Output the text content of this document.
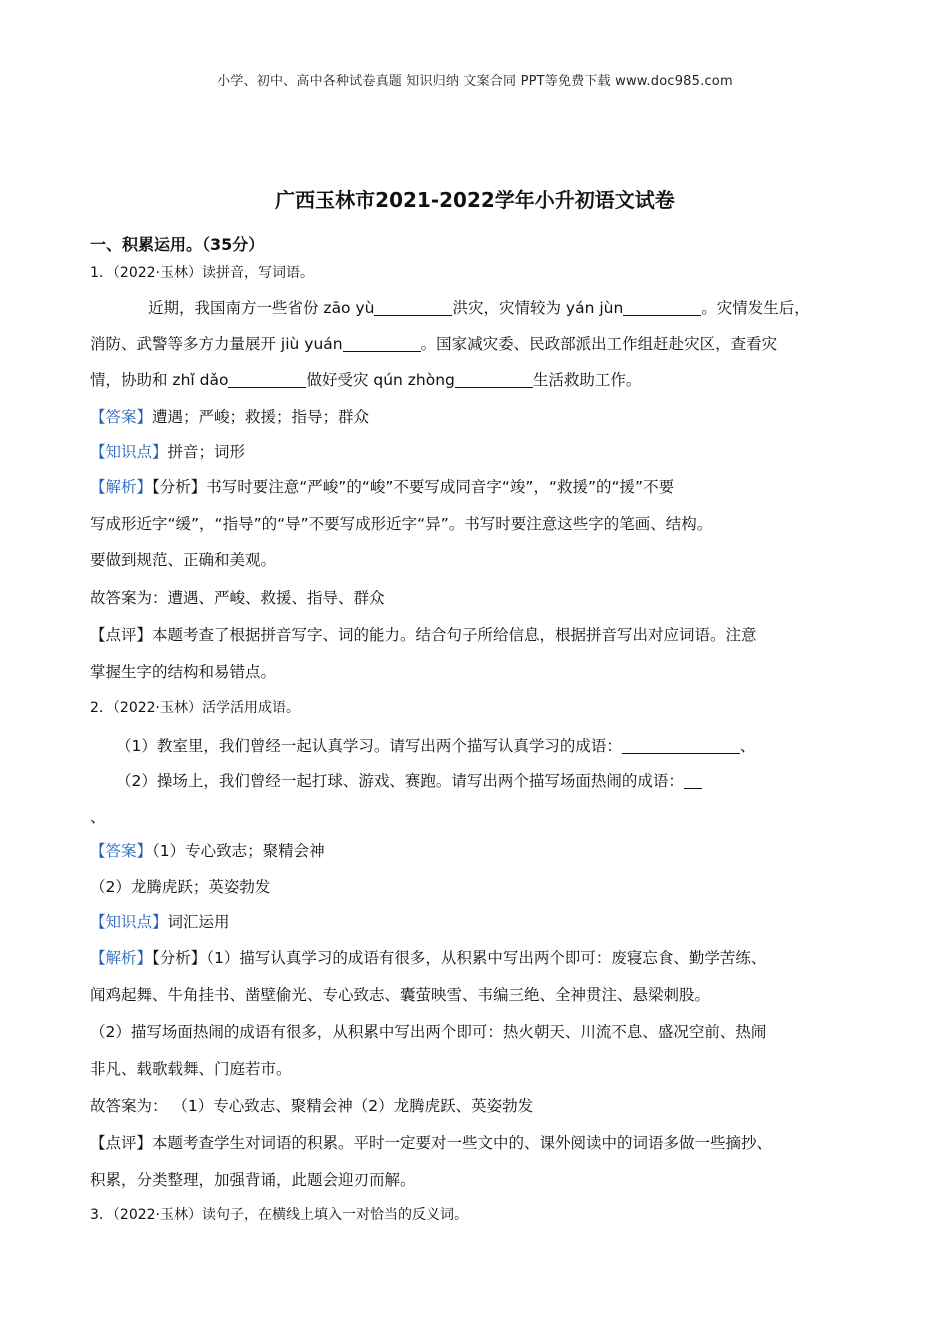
小学、初中、高中各种试卷真题 知识归纳 文案合同 PPT等免费下载 www.doc985.com
广西玉林市2021-2022学年小升初语文试卷
一、积累运用。（35分）
1．（2022·玉林）读拼音，写词语。
近期，我国南方一些省份 zāo yù	洪灾，灾情较为 yán jùn	。灾情发生后，
消防、武警等多方力量展开 jiù yuán	。国家减灾委、民政部派出工作组赶赴灾区，查看灾
情，协助和 zhǐ dǎo	做好受灾 qún zhòng	生活救助工作。
【答案】遭遇；严峻；救援；指导；群众
【知识点】拼音；词形
【解析】【分析】书写时要注意“严峻”的“峻”不要写成同音字“竣”，“救援”的“援”不要
写成形近字“缓”，“指导”的“导”不要写成形近字“异”。书写时要注意这些字的笔画、结构。
要做到规范、正确和美观。
故答案为：遭遇、严峻、救援、指导、群众
【点评】本题考查了根据拼音写字、词的能力。结合句子所给信息，根据拼音写出对应词语。注意
掌握生字的结构和易错点。
2．（2022·玉林）活学活用成语。
（1）教室里，我们曾经一起认真学习。请写出两个描写认真学习的成语：	、
（2）操场上，我们曾经一起打球、游戏、赛跑。请写出两个描写场面热闹的成语：
、
【答案】（1）专心致志；聚精会神
（2）龙腾虎跃；英姿勃发
【知识点】词汇运用
【解析】【分析】（1）描写认真学习的成语有很多，从积累中写出两个即可：废寝忘食、勤学苦练、
闻鸡起舞、牛角挂书、凿壁偷光、专心致志、囊萤映雪、韦编三绝、全神贯注、悬梁刺股。
（2）描写场面热闹的成语有很多，从积累中写出两个即可：热火朝天、川流不息、盛况空前、热闹
非凡、载歌载舞、门庭若市。
故答案为： （1）专心致志、聚精会神（2）龙腾虎跃、英姿勃发
【点评】本题考查学生对词语的积累。平时一定要对一些文中的、课外阅读中的词语多做一些摘抄、
积累，分类整理，加强背诵，此题会迎刃而解。
3．（2022·玉林）读句子，在横线上填入一对恰当的反义词。
